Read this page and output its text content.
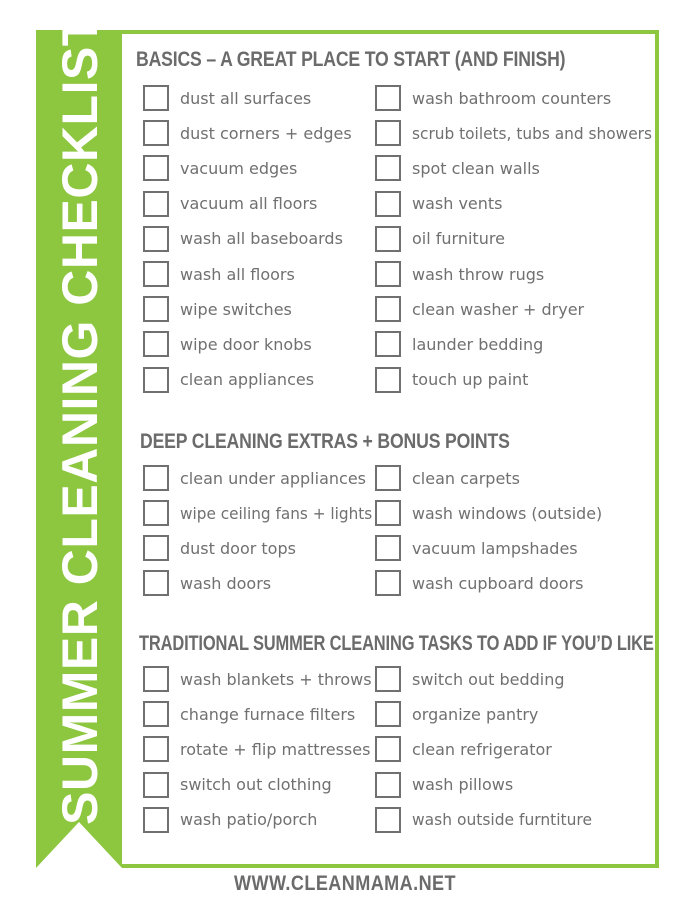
SUMMER CLEANING CHECKLIST BASICS – A GREAT PLACE TO START (AND FINISH)
dust all surfaces
dust corners + edges
vacuum edges
vacuum all floors
wash all baseboards
wash all floors
wipe switches
wipe door knobs
clean appliances
wash bathroom counters
scrub toilets, tubs and showers
spot clean walls
wash vents
oil furniture
wash throw rugs
clean washer + dryer
launder bedding
touch up paint
DEEP CLEANING EXTRAS + BONUS POINTS
clean under appliances
wipe ceiling fans + lights
dust door tops
wash doors
clean carpets
wash windows (outside)
vacuum lampshades
wash cupboard doors
TRADITIONAL SUMMER CLEANING TASKS TO ADD IF YOU’D LIKE
wash blankets + throws
change furnace filters
rotate + flip mattresses
switch out clothing
wash patio/porch
switch out bedding
organize pantry
clean refrigerator
wash pillows
wash outside furntiture
WWW.CLEANMAMA.NET
